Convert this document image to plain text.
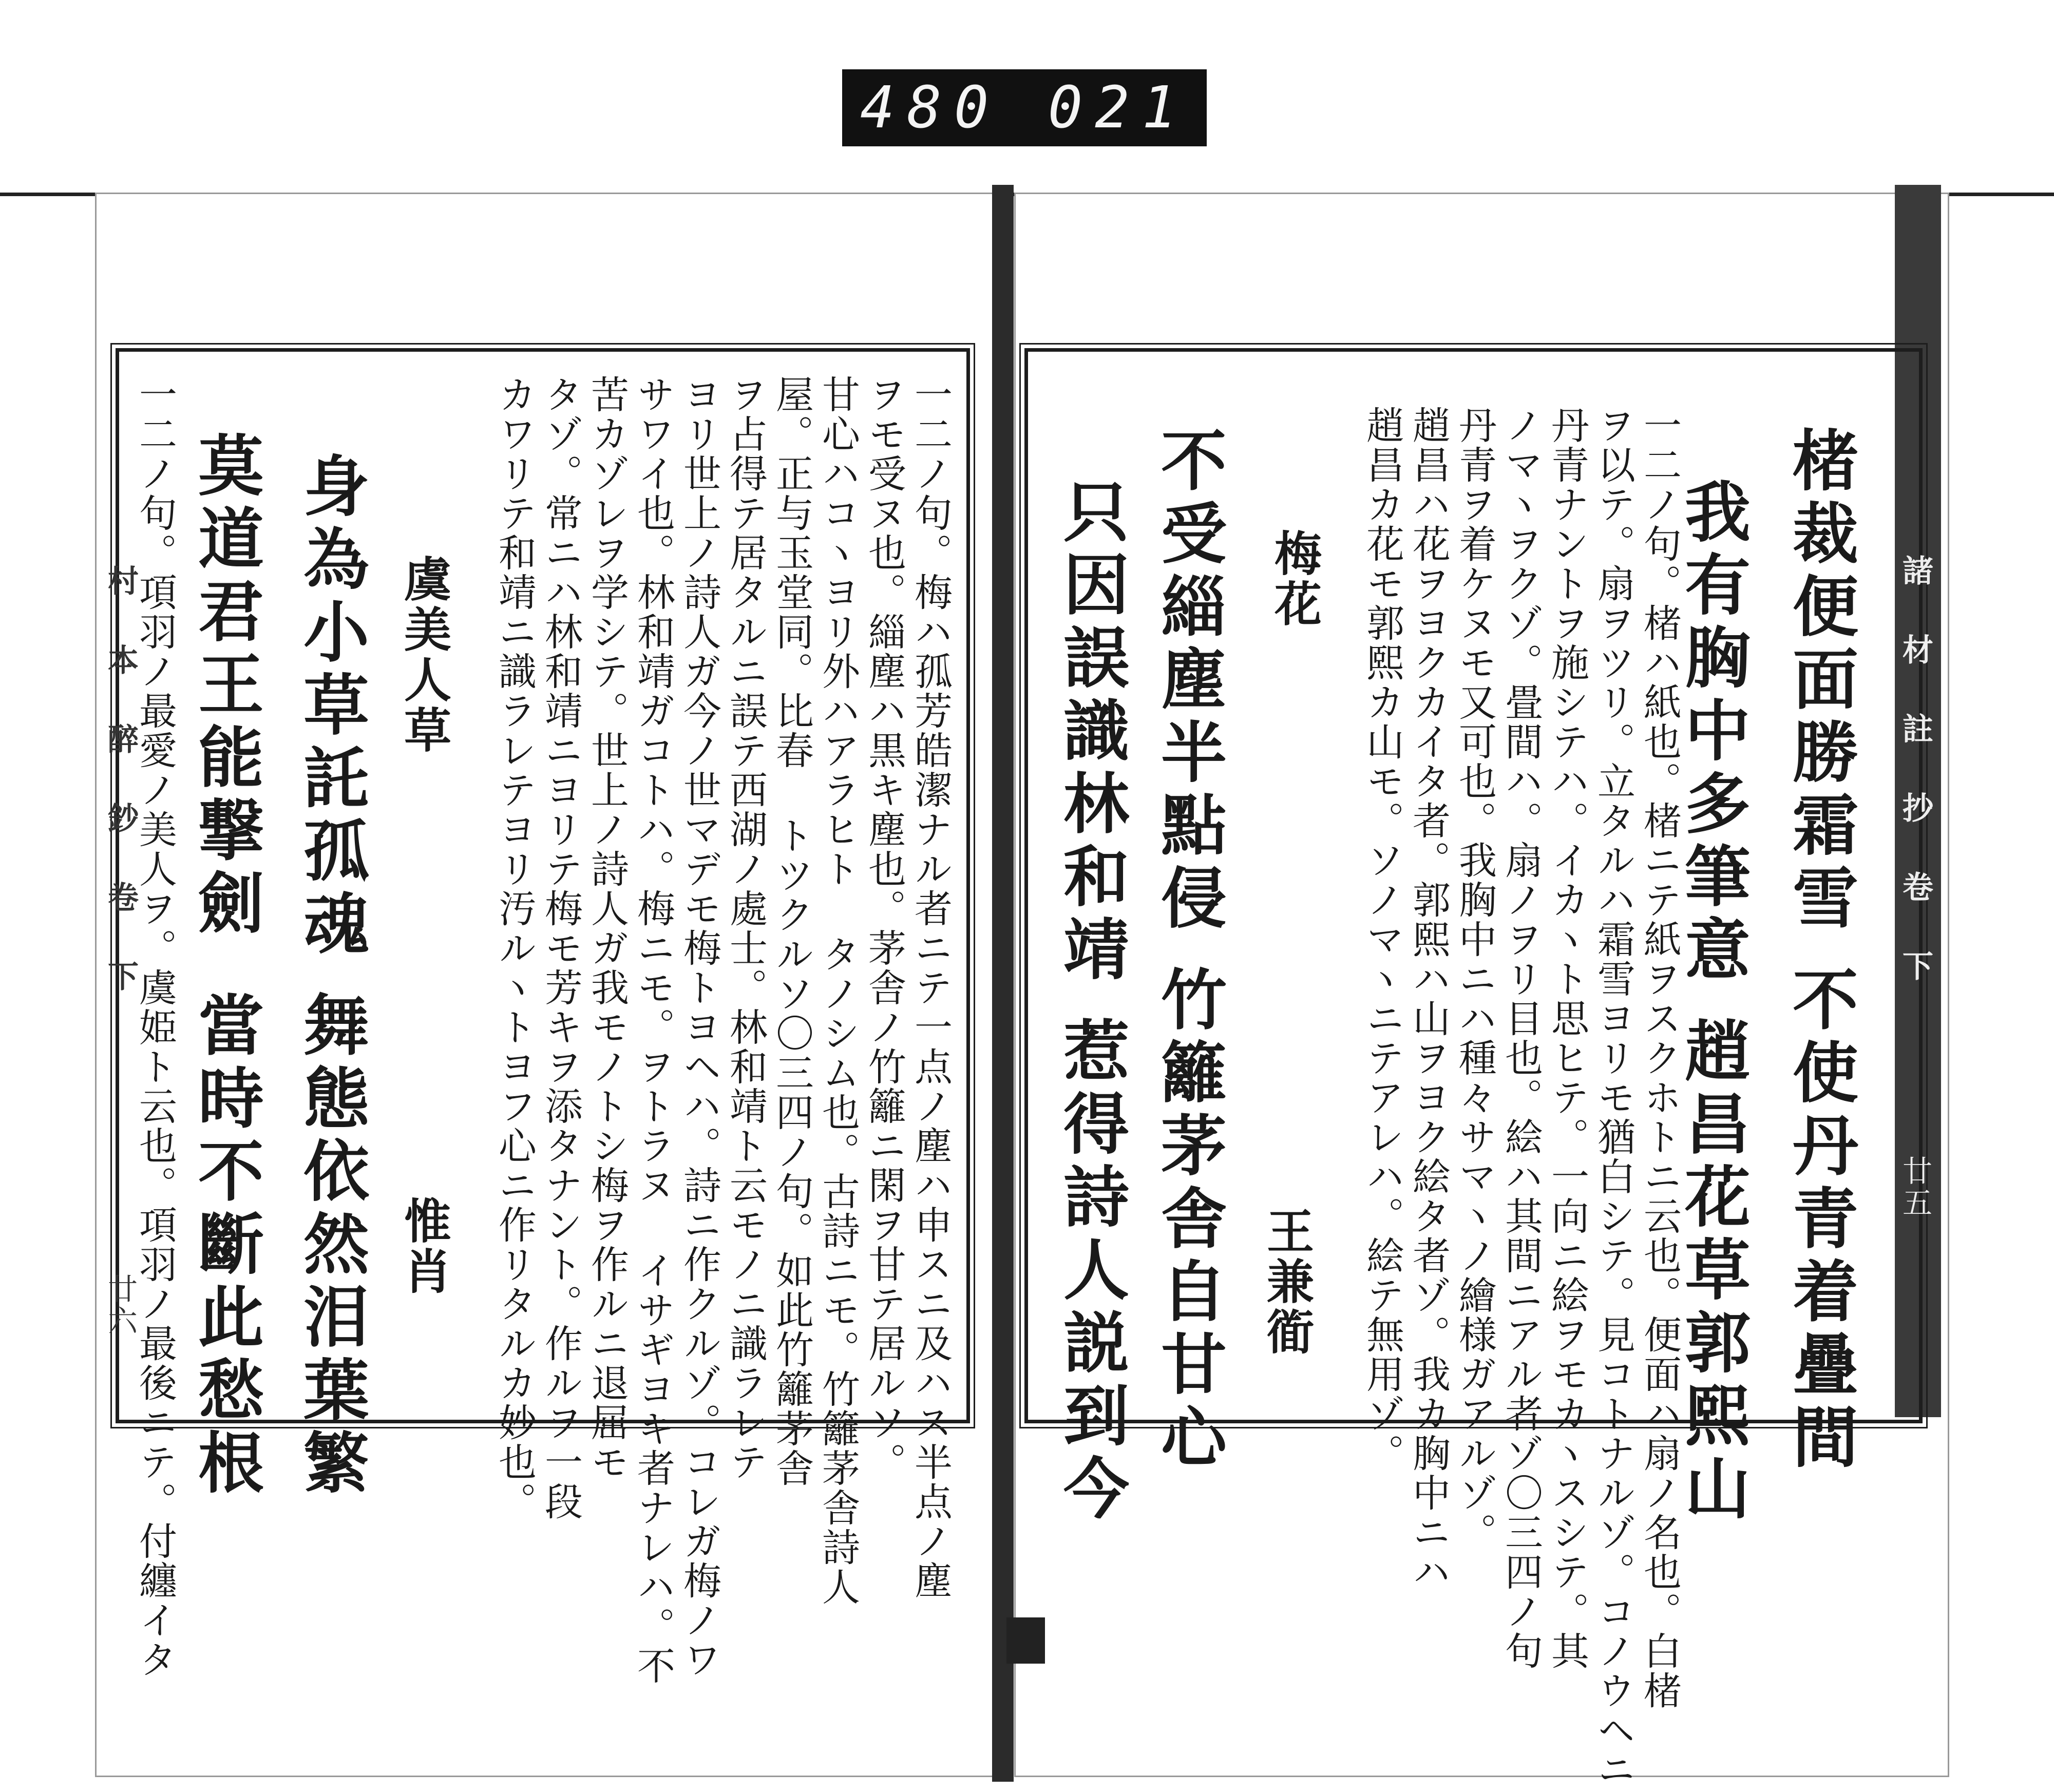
480 021
諸 材 註 抄 卷 下
廿五
楮裁便面勝霜雪
不使丹青着疊間
我有胸中多筆意
趙昌花草郭熙山
一二ノ句。楮ハ紙也。楮ニテ紙ヲスクホトニ云也。便面ハ扇ノ名也。白楮
ヲ以テ。扇ヲツリ。立タルハ霜雪ヨリモ猶白シテ。見コトナルゾ。コノウヘニ
丹青ナントヲ施シテハ。イカヽト思ヒテ。一向ニ絵ヲモカヽスシテ。其
ノマヽヲクゾ。畳間ハ。扇ノヲリ目也。絵ハ其間ニアル者ゾ〇三四ノ句
丹青ヲ着ケヌモ又可也。我胸中ニハ種々サマヽノ繪様ガアルゾ。
趙昌ハ花ヲヨクカイタ者。郭熙ハ山ヲヨク絵タ者ゾ。我カ胸中ニハ
趙昌カ花モ郭熙カ山モ。ソノマヽニテアレハ。絵テ無用ゾ。
梅花
不受緇塵半點侵
竹籬茅舎自甘心 王兼衜
只因誤識林和靖
惹得詩人説到今
一二ノ句。梅ハ孤芳皓潔ナル者ニテ一点ノ塵ハ申スニ及ハス半点ノ塵
ヲモ受ヌ也。緇塵ハ黒キ塵也。茅舎ノ竹籬ニ閑ヲ甘テ居ルソ。
甘心ハコヽヨリ外ハアラヒト タノシム也。古詩ニモ。竹籬茅舎詩人
屋。正与玉堂同。比春 トツクルソ〇三四ノ句。如此竹籬茅舎
ヲ占得テ居タルニ誤テ西湖ノ處士。林和靖ト云モノニ識ラレテ
ヨリ世上ノ詩人ガ今ノ世マデモ梅トヨヘハ。詩ニ作クルゾ。コレガ梅ノワ
サワイ也。林和靖ガコトハ。梅ニモ。ヲトラヌ イサギヨキ者ナレハ。不
苦カゾレヲ学シテ。世上ノ詩人ガ我モノトシ梅ヲ作ルニ退屈モ
タゾ。常ニハ林和靖ニヨリテ梅モ芳キヲ添タナント。作ルヲ一段
カワリテ和靖ニ識ラレテヨリ汚ルヽトヨフ心ニ作リタルカ妙也。
虞美人草
惟肖
身為小草託孤魂
舞態依然泪葉繁
莫道君王能撃劍
當時不斷此愁根
一二ノ句。項羽ノ最愛ノ美人ヲ。虞姫ト云也。項羽ノ最後ニテ。付纏イタ
村 本 醉 鈔 卷 下
廿六
